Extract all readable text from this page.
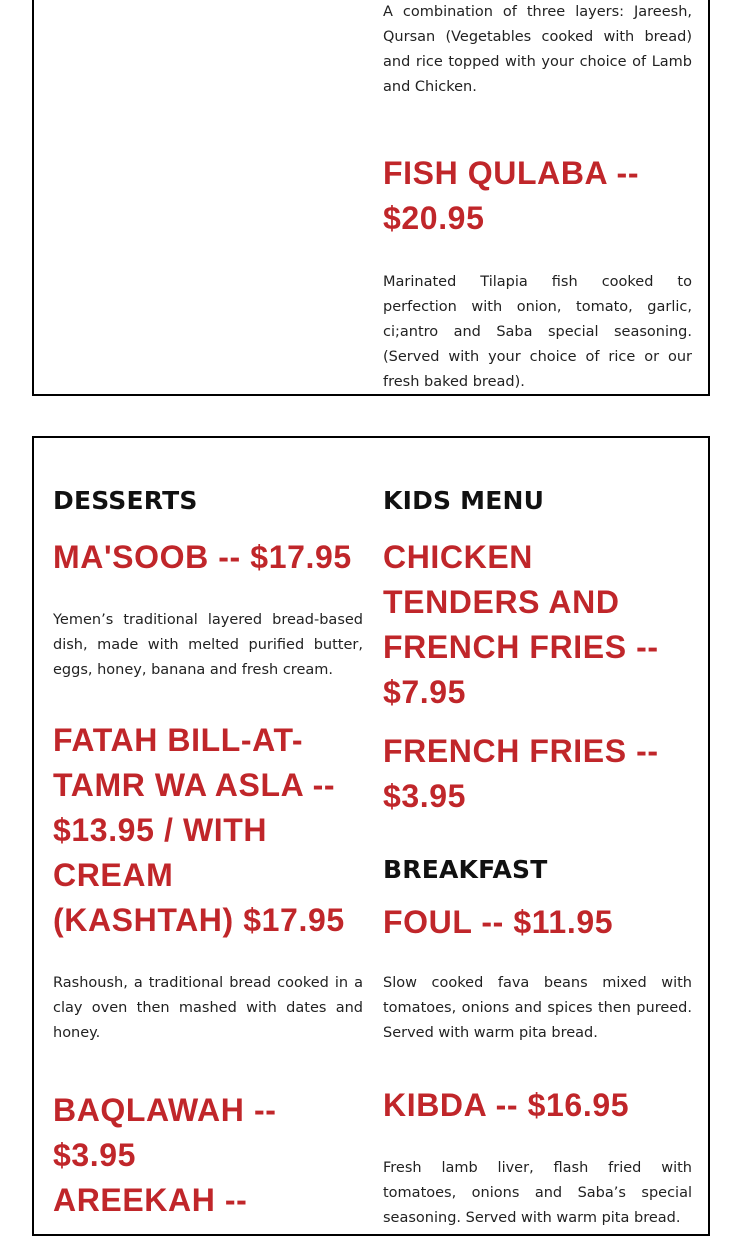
A combination of three layers: Jareesh, Qursan (Vegetables cooked with bread) and rice topped with your choice of Lamb and Chicken.

FISH QULABA -- $20.95

Marinated Tilapia fish cooked to perfection with onion, tomato, garlic, ci;antro and Saba special seasoning. (Served with your choice of rice or our fresh baked bread).

DESSERTS
MA'SOOB -- $17.95

Yemen’s traditional layered bread-based dish, made with melted purified butter, eggs, honey, banana and fresh cream.

FATAH BILL-AT-TAMR WA ASLA -- $13.95 / WITH CREAM (KASHTAH) $17.95

Rashoush, a traditional bread cooked in a clay oven then mashed with dates and honey.

BAQLAWAH -- $3.95
AREEKAH --
KIDS MENU
CHICKEN TENDERS AND FRENCH FRIES -- $7.95
FRENCH FRIES -- $3.95
BREAKFAST
FOUL -- $11.95

Slow cooked fava beans mixed with tomatoes, onions and spices then pureed. Served with warm pita bread.

KIBDA -- $16.95

Fresh lamb liver, flash fried with tomatoes, onions and Saba’s special seasoning. Served with warm pita bread.
